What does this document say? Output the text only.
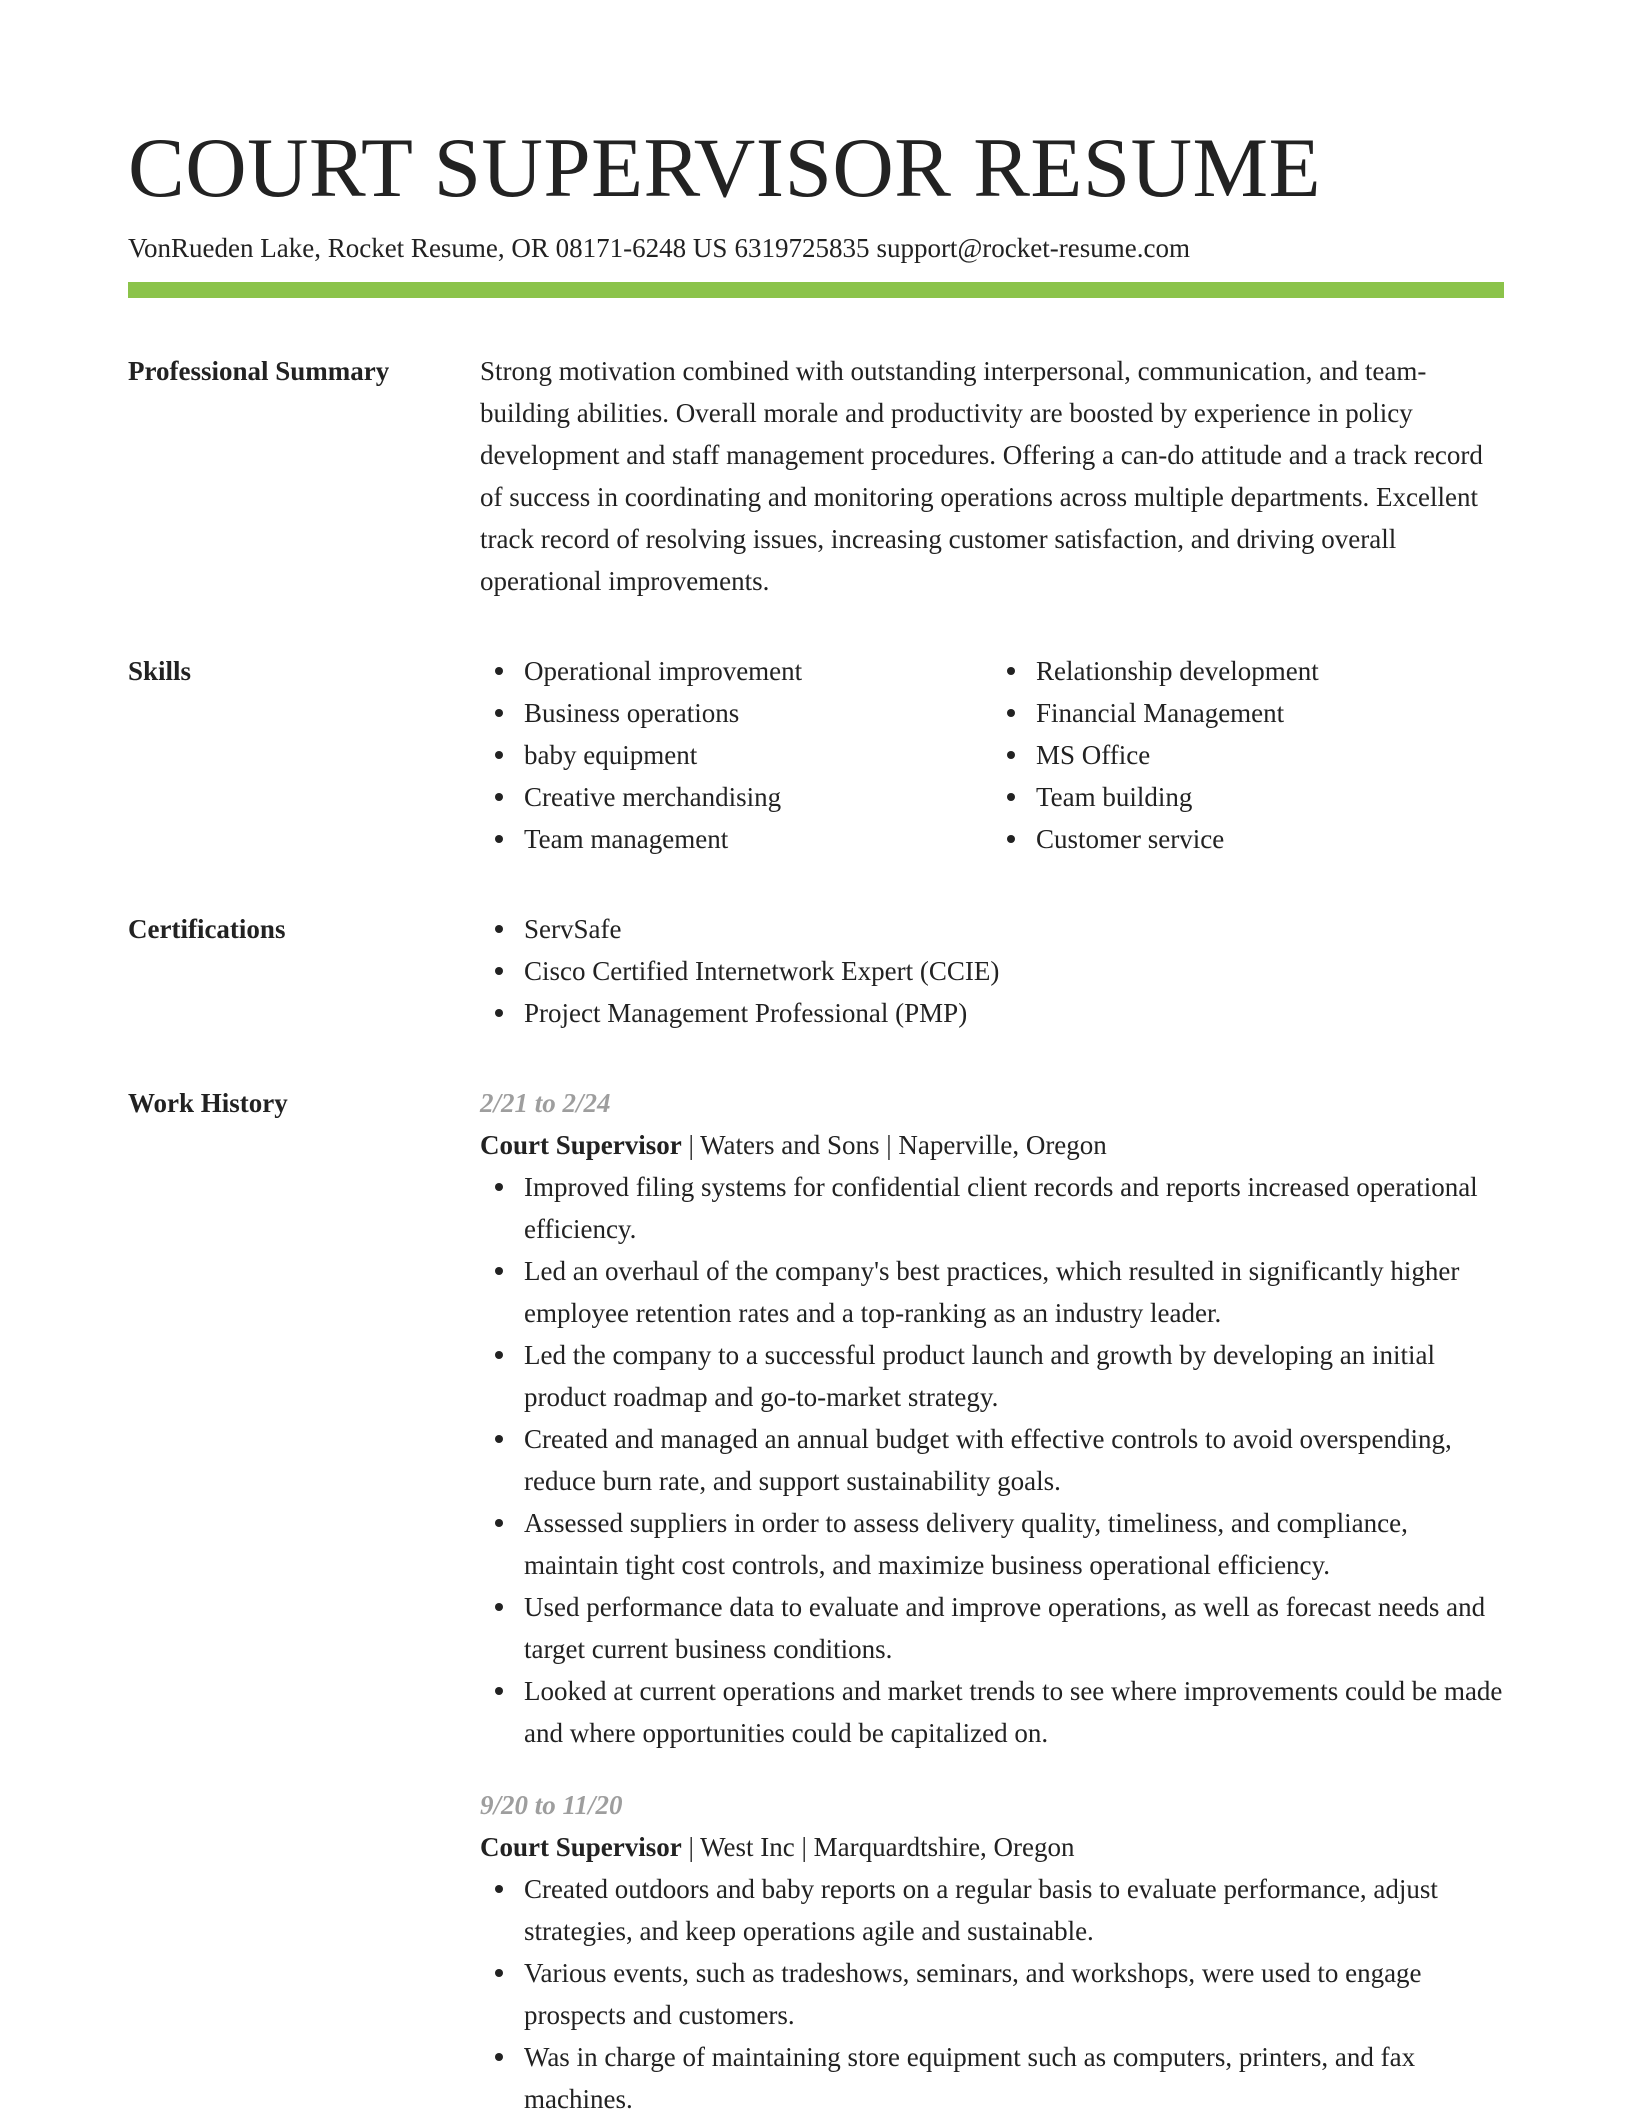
COURT SUPERVISOR RESUME
VonRueden Lake, Rocket Resume, OR 08171-6248 US 6319725835 support@rocket-resume.com
Professional Summary	Strong motivation combined with outstanding interpersonal, communication, and team-building abilities. Overall morale and productivity are boosted by experience in policy development and staff management procedures. Offering a can-do attitude and a track record of success in coordinating and monitoring operations across multiple departments. Excellent track record of resolving issues, increasing customer satisfaction, and driving overall operational improvements.

Skills	Operational improvement
Business operations
baby equipment
Creative merchandising
Team management
Relationship development
Financial Management
MS Office
Team building
Customer service
Certifications	ServSafe
Cisco Certified Internetwork Expert (CCIE)
Project Management Professional (PMP)
Work History	2/21 to 2/24
Court Supervisor | Waters and Sons | Naperville, Oregon
Improved filing systems for confidential client records and reports increased operational efficiency.
Led an overhaul of the company's best practices, which resulted in significantly higher employee retention rates and a top-ranking as an industry leader.
Led the company to a successful product launch and growth by developing an initial product roadmap and go-to-market strategy.
Created and managed an annual budget with effective controls to avoid overspending, reduce burn rate, and support sustainability goals.
Assessed suppliers in order to assess delivery quality, timeliness, and compliance, maintain tight cost controls, and maximize business operational efficiency.
Used performance data to evaluate and improve operations, as well as forecast needs and target current business conditions.
Looked at current operations and market trends to see where improvements could be made and where opportunities could be capitalized on.
9/20 to 11/20
Court Supervisor | West Inc | Marquardtshire, Oregon
Created outdoors and baby reports on a regular basis to evaluate performance, adjust strategies, and keep operations agile and sustainable.
Various events, such as tradeshows, seminars, and workshops, were used to engage prospects and customers.
Was in charge of maintaining store equipment such as computers, printers, and fax machines.
